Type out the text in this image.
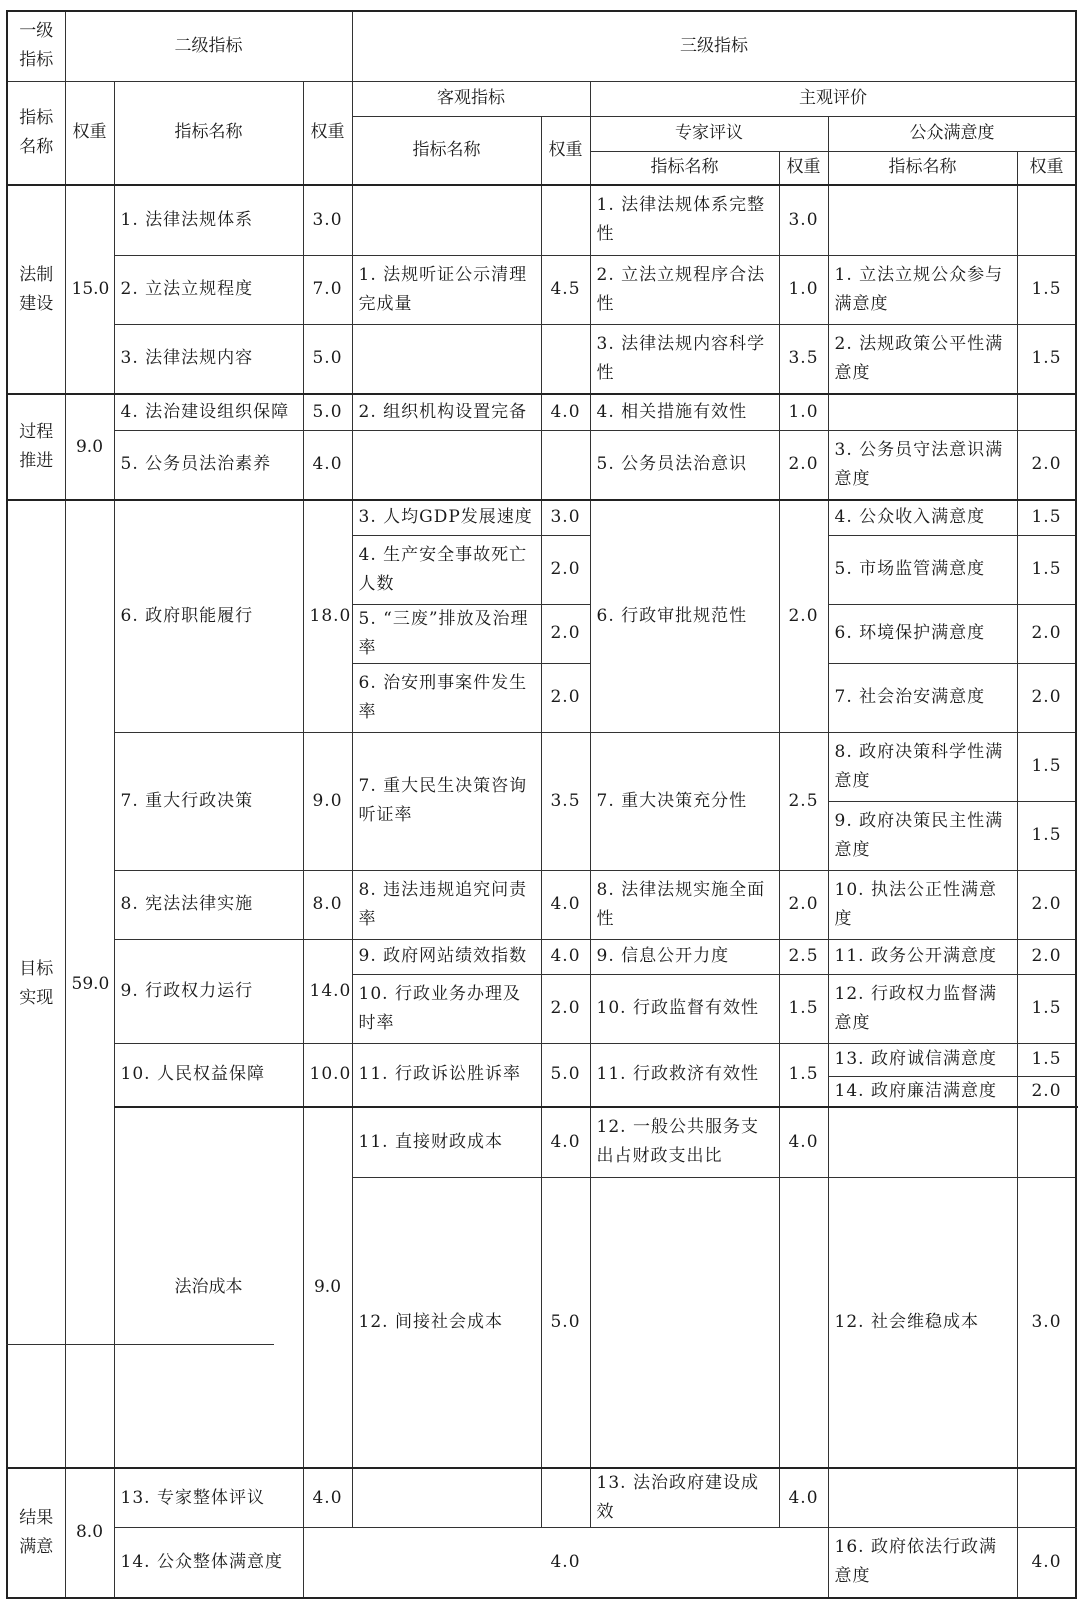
一级指标	二级指标			三级指标						
指标名称	权重	指标名称	权重	客观指标		主观评价				
				指标名称	权重	专家评议		公众满意度		
						指标名称	权重	指标名称	权重	
法制建设	15.0	1. 法律法规体系	3.0			1. 法律法规体系完整性	3.0			
		2. 立法立规程度	7.0	1. 法规听证公示清理完成量	4.5	2. 立法立规程序合法性	1.0	1. 立法立规公众参与满意度	1.5	
		3. 法律法规内容	5.0			3. 法律法规内容科学性	3.5	2. 法规政策公平性满意度	1.5	
过程推进	9.0	4. 法治建设组织保障	5.0	2. 组织机构设置完备	4.0	4. 相关措施有效性	1.0			
		5. 公务员法治素养	4.0			5. 公务员法治意识	2.0	3. 公务员守法意识满意度	2.0	
目标实现	59.0	6. 政府职能履行	18.0	3. 人均GDP发展速度	3.0	6. 行政审批规范性	2.0	4. 公众收入满意度	1.5	
				4. 生产安全事故死亡人数	2.0			5. 市场监管满意度	1.5	
				5. “三废”排放及治理率	2.0			6. 环境保护满意度	2.0	
				6. 治安刑事案件发生率	2.0			7. 社会治安满意度	2.0	
		7. 重大行政决策	9.0	7. 重大民生决策咨询听证率	3.5	7. 重大决策充分性	2.5	8. 政府决策科学性满意度	1.5	
								9. 政府决策民主性满意度	1.5	
		8. 宪法法律实施	8.0	8. 违法违规追究问责率	4.0	8. 法律法规实施全面性	2.0	10. 执法公正性满意度	2.0	
		9. 行政权力运行	14.0	9. 政府网站绩效指数	4.0	9. 信息公开力度	2.5	11. 政务公开满意度	2.0	
				10. 行政业务办理及时率	2.0	10. 行政监督有效性	1.5	12. 行政权力监督满意度	1.5	
		10. 人民权益保障	10.0	11. 行政诉讼胜诉率	5.0	11. 行政救济有效性	1.5	13. 政府诚信满意度	1.5	
								14. 政府廉洁满意度	2.0	
		法治成本	9.0	11. 直接财政成本	4.0	12. 一般公共服务支出占财政支出比	4.0				
				12. 间接社会成本	5.0			12. 社会维稳成本	3.0		
结果满意	8.0	13. 专家整体评议	4.0			13. 法治政府建设成效	4.0			
		14. 公众整体满意度	4.0					16. 政府依法行政满意度	4.0	
